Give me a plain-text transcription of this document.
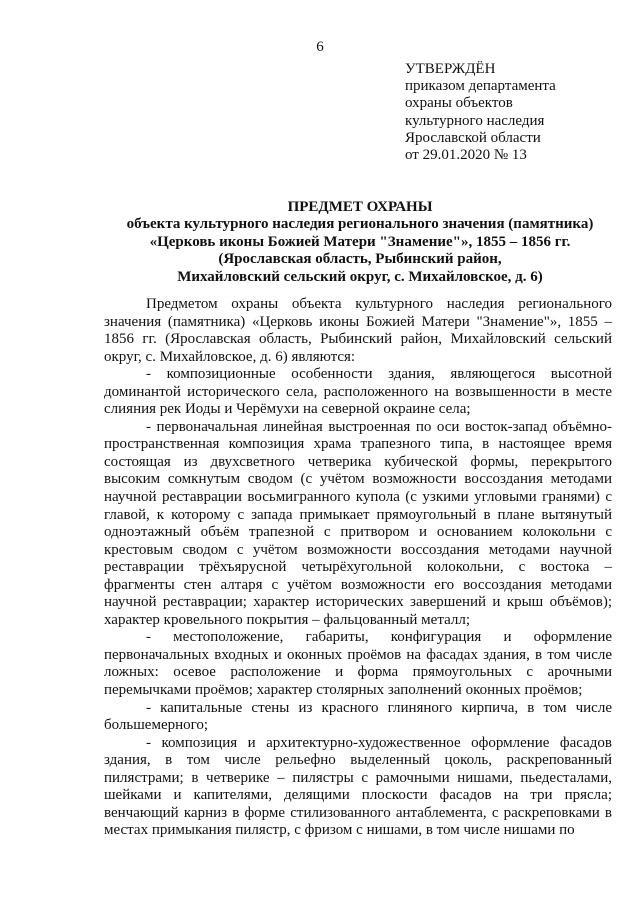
6
УТВЕРЖДЁН
приказом департамента
охраны объектов
культурного наследия
Ярославской области
от 29.01.2020 № 13
ПРЕДМЕТ ОХРАНЫ
объекта культурного наследия регионального значения (памятника)
«Церковь иконы Божией Матери "Знамение"», 1855 – 1856 гг.
(Ярославская область, Рыбинский район,
Михайловский сельский округ, с. Михайловское, д. 6)

Предметом охраны объекта культурного наследия регионального значения (памятника) «Церковь иконы Божией Матери "Знамение"», 1855 – 1856 гг. (Ярославская область, Рыбинский район, Михайловский сельский округ, с. Михайловское, д. 6) являются:

- композиционные особенности здания, являющегося высотной доминантой исторического села, расположенного на возвышенности в месте слияния рек Иоды и Черёмухи на северной окраине села;

- первоначальная линейная выстроенная по оси восток-запад объёмно-пространственная композиция храма трапезного типа, в настоящее время состоящая из двухсветного четверика кубической формы, перекрытого высоким сомкнутым сводом (с учётом возможности воссоздания методами научной реставрации восьмигранного купола (с узкими угловыми гранями) с главой, к которому с запада примыкает прямоугольный в плане вытянутый одноэтажный объём трапезной с притвором и основанием колокольни с крестовым сводом с учётом возможности воссоздания методами научной реставрации трёхъярусной четырёхугольной колокольни, с востока – фрагменты стен алтаря с учётом возможности его воссоздания методами научной реставрации; характер исторических завершений и крыш объёмов); характер кровельного покрытия – фальцованный металл;

- местоположение, габариты, конфигурация и оформление первоначальных входных и оконных проёмов на фасадах здания, в том числе ложных: осевое расположение и форма прямоугольных с арочными перемычками проёмов; характер столярных заполнений оконных проёмов;

- капитальные стены из красного глиняного кирпича, в том числе большемерного;

- композиция и архитектурно-художественное оформление фасадов здания, в том числе рельефно выделенный цоколь, раскрепованный пилястрами; в четверике – пилястры с рамочными нишами, пьедесталами, шейками и капителями, делящими плоскости фасадов на три прясла; венчающий карниз в форме стилизованного антаблемента, с раскреповками в местах примыкания пилястр, с фризом с нишами, в том числе нишами по
